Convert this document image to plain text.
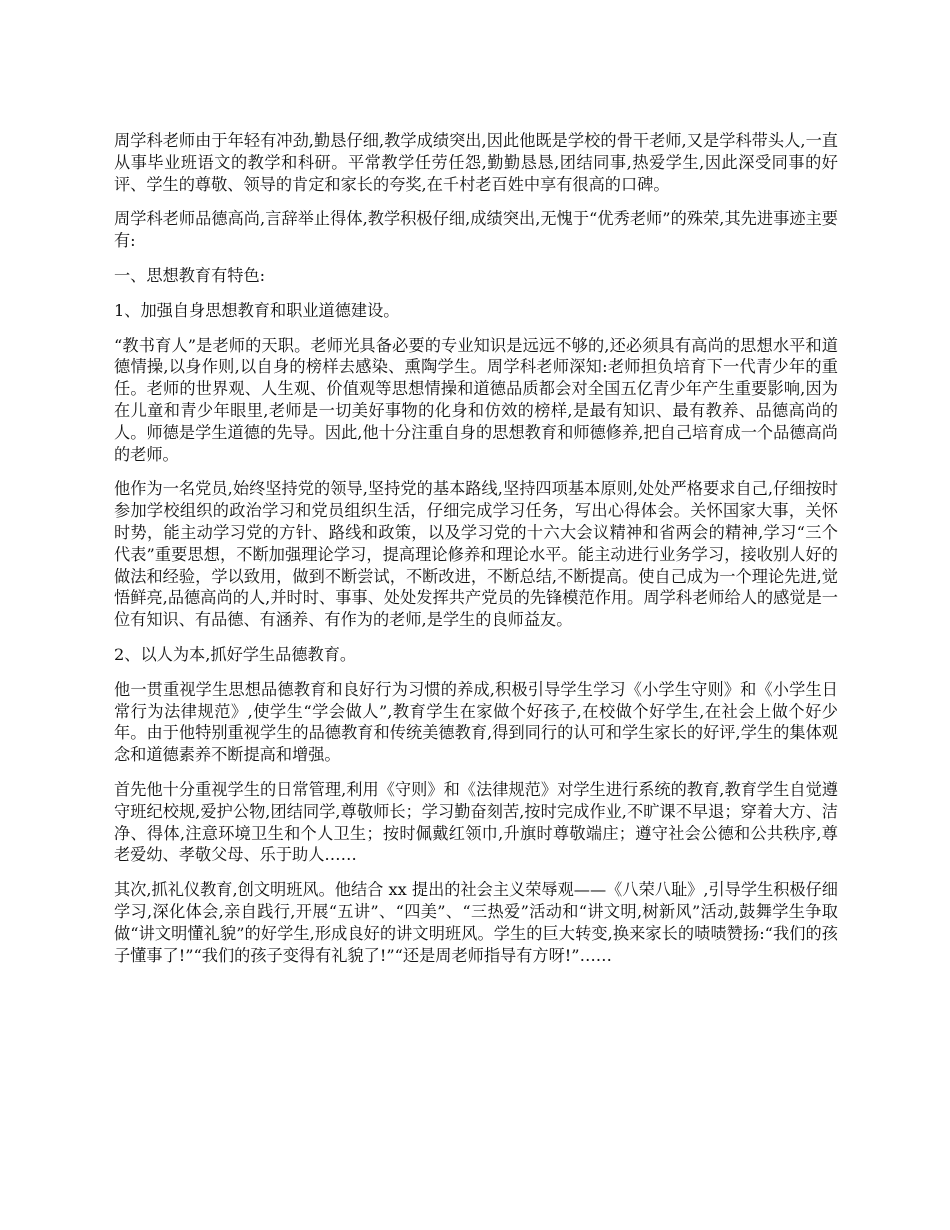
周学科老师由于年轻有冲劲,勤恳仔细,教学成绩突出,因此他既是学校的骨干老师,又是学科带头人,一直从事毕业班语文的教学和科研。平常教学任劳任怨,勤勤恳恳,团结同事,热爱学生,因此深受同事的好评、学生的尊敬、领导的肯定和家长的夸奖,在千村老百姓中享有很高的口碑。

周学科老师品德高尚,言辞举止得体,教学积极仔细,成绩突出,无愧于“优秀老师”的殊荣,其先进事迹主要有:

一、思想教育有特色:

1、加强自身思想教育和职业道德建设。

“教书育人”是老师的天职。老师光具备必要的专业知识是远远不够的,还必须具有高尚的思想水平和道德情操,以身作则,以自身的榜样去感染、熏陶学生。周学科老师深知:老师担负培育下一代青少年的重任。老师的世界观、人生观、价值观等思想情操和道德品质都会对全国五亿青少年产生重要影响,因为在儿童和青少年眼里,老师是一切美好事物的化身和仿效的榜样,是最有知识、最有教养、品德高尚的人。师德是学生道德的先导。因此,他十分注重自身的思想教育和师德修养,把自己培育成一个品德高尚的老师。

他作为一名党员,始终坚持党的领导,坚持党的基本路线,坚持四项基本原则,处处严格要求自己,仔细按时参加学校组织的政治学习和党员组织生活，仔细完成学习任务，写出心得体会。关怀国家大事，关怀时势，能主动学习党的方针、路线和政策，以及学习党的十六大会议精神和省两会的精神,学习“三个代表”重要思想，不断加强理论学习，提高理论修养和理论水平。能主动进行业务学习，接收别人好的做法和经验，学以致用，做到不断尝试，不断改进，不断总结,不断提高。使自己成为一个理论先进,觉悟鲜亮,品德高尚的人,并时时、事事、处处发挥共产党员的先锋模范作用。周学科老师给人的感觉是一位有知识、有品德、有涵养、有作为的老师,是学生的良师益友。

2、以人为本,抓好学生品德教育。

他一贯重视学生思想品德教育和良好行为习惯的养成,积极引导学生学习《小学生守则》和《小学生日常行为法律规范》,使学生“学会做人”,教育学生在家做个好孩子,在校做个好学生,在社会上做个好少年。由于他特别重视学生的品德教育和传统美德教育,得到同行的认可和学生家长的好评,学生的集体观念和道德素养不断提高和增强。

首先他十分重视学生的日常管理,利用《守则》和《法律规范》对学生进行系统的教育,教育学生自觉遵守班纪校规,爱护公物,团结同学,尊敬师长；学习勤奋刻苦,按时完成作业,不旷课不早退；穿着大方、洁净、得体,注意环境卫生和个人卫生；按时佩戴红领巾,升旗时尊敬端庄；遵守社会公德和公共秩序,尊老爱幼、孝敬父母、乐于助人……

其次,抓礼仪教育,创文明班风。他结合 xx 提出的社会主义荣辱观——《八荣八耻》,引导学生积极仔细学习,深化体会,亲自践行,开展“五讲”、“四美”、“三热爱”活动和“讲文明,树新风”活动,鼓舞学生争取做“讲文明懂礼貌”的好学生,形成良好的讲文明班风。学生的巨大转变,换来家长的啧啧赞扬:“我们的孩子懂事了!”“我们的孩子变得有礼貌了!”“还是周老师指导有方呀!”……
